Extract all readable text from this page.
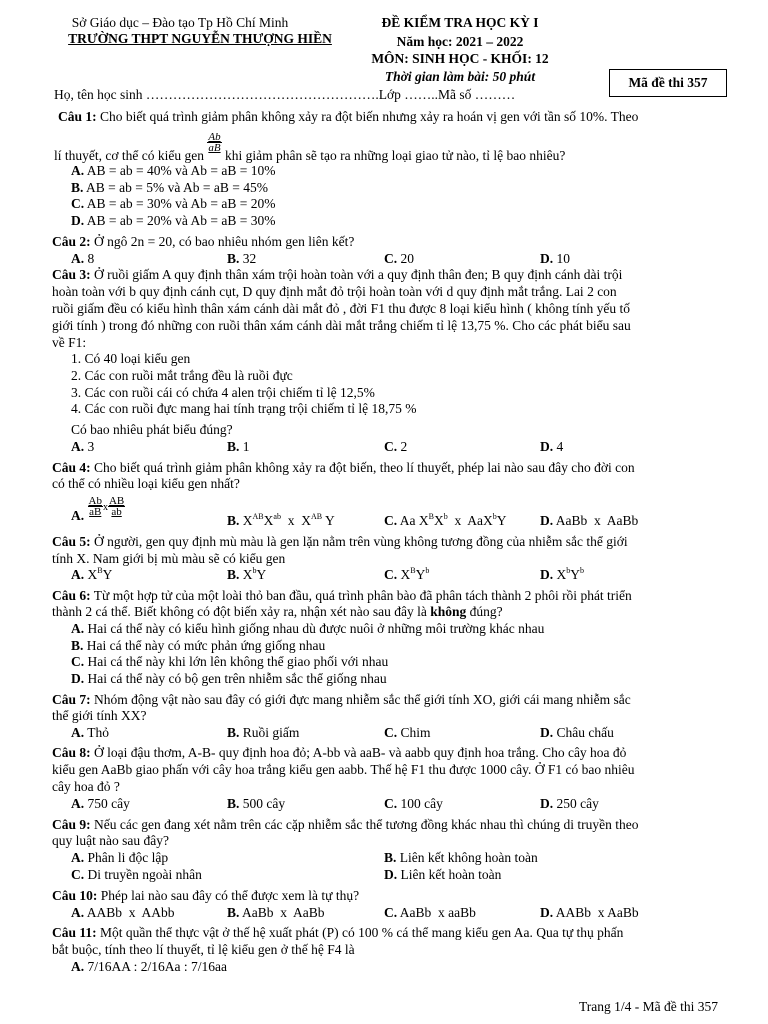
Sở Giáo dục – Đào tạo Tp Hồ Chí Minh
TRƯỜNG THPT NGUYỄN THƯỢNG HIỀN
ĐỀ KIỂM TRA HỌC KỲ I
Năm học: 2021 – 2022
MÔN: SINH HỌC - KHỐI: 12
Thời gian làm bài: 50 phút	Mã đề thi 357
Họ, tên học sinh …………………………………………….Lớp ……..Mã số ………
Câu 1: Cho biết quá trình giảm phân không xảy ra đột biến nhưng xảy ra hoán vị gen với tần số 10%. Theo
lí thuyết, cơ thể có kiểu gen
$\frac{Ab}{aB}$
khi giảm phân sẽ tạo ra những loại giao tử nào, tỉ lệ bao nhiêu?
A. AB = ab = 40% và Ab = aB = 10%
B. AB = ab = 5% và Ab = aB = 45%
C. AB = ab = 30% và Ab = aB = 20%
D. AB = ab = 20% và Ab = aB = 30%
Câu 2: Ở ngô 2n = 20, có bao nhiêu nhóm gen liên kết?
A. 8	B. 32	C. 20	D. 10
Câu 3: Ở ruồi giấm A quy định thân xám trội hoàn toàn với a quy định thân đen; B quy định cánh dài trội
hoàn toàn với b quy định cánh cụt, D quy định mắt đỏ trội hoàn toàn với d quy định mắt trắng. Lai 2 con
ruồi giấm đều có kiểu hình thân xám cánh dài mắt đỏ , đời F1 thu được 8 loại kiểu hình ( không tính yếu tố
giới tính ) trong đó những con ruồi thân xám cánh dài mắt trắng chiếm tỉ lệ 13,75 %. Cho các phát biểu sau
về F1:
1. Có 40 loại kiểu gen
2. Các con ruồi mắt trắng đều là ruồi đực
3. Các con ruồi cái có chứa 4 alen trội chiếm tỉ lệ 12,5%
4. Các con ruồi đực mang hai tính trạng trội chiếm tỉ lệ 18,75 %
Có bao nhiêu phát biểu đúng?
A. 3	B. 1	C. 2	D. 4
Câu 4: Cho biết quá trình giảm phân không xảy ra đột biến, theo lí thuyết, phép lai nào sau đây cho đời con
có thể có nhiều loại kiểu gen nhất?
A. $\frac{Ab}{aB}$ x $\frac{AB}{ab}$
B. $X^{AB}X^{ab}$  x  $X^{AB}$ Y	C. Aa $X^BX^b$  x  AaX$^b$Y D. AaBb  x  AaBb
Câu 5: Ở người, gen quy định mù màu là gen lặn nằm trên vùng không tương đồng của nhiễm sắc thể giới
tính X. Nam giới bị mù màu sẽ có kiểu gen
A. $X^BY$	B. $X^bY$	C. $X^BY^b$	D. $X^bY^b$
Câu 6: Từ một hợp tử của một loài thỏ ban đầu, quá trình phân bào đã phân tách thành 2 phôi rồi phát triển
thành 2 cá thể. Biết không có đột biến xảy ra, nhận xét nào sau đây là không đúng?
A. Hai cá thể này có kiểu hình giống nhau dù được nuôi ở những môi trường khác nhau
B. Hai cá thể này có mức phản ứng giống nhau
C. Hai cá thể này khi lớn lên không thể giao phối với nhau
D. Hai cá thể này có bộ gen trên nhiễm sắc thể giống nhau
Câu 7: Nhóm động vật nào sau đây có giới đực mang nhiễm sắc thể giới tính XO, giới cái mang nhiễm sắc
thể giới tính XX?
A. Thỏ	B. Ruồi giấm	C. Chim	D. Châu chấu
Câu 8: Ở loại đậu thơm, A-B- quy định hoa đỏ; A-bb và aaB- và aabb quy định hoa trắng. Cho cây hoa đỏ
kiểu gen AaBb giao phấn với cây hoa trắng kiểu gen aabb. Thế hệ F1 thu được 1000 cây. Ở F1 có bao nhiêu
cây hoa đỏ ?
A. 750 cây	B. 500 cây	C. 100 cây	D. 250 cây
Câu 9: Nếu các gen đang xét nằm trên các cặp nhiễm sắc thể tương đồng khác nhau thì chúng di truyền theo
quy luật nào sau đây?
A. Phân li độc lập	B. Liên kết không hoàn toàn
C. Di truyền ngoài nhân	D. Liên kết hoàn toàn
Câu 10: Phép lai nào sau đây có thể được xem là tự thụ?
A. AABb  x  AAbb	B. AaBb  x  AaBb	C. AaBb  x aaBb	D. AABb  x AaBb
Câu 11: Một quần thể thực vật ở thế hệ xuất phát (P) có 100 % cá thể mang kiểu gen Aa. Qua tự thụ phấn
bắt buộc, tính theo lí thuyết, tỉ lệ kiểu gen ở thế hệ F4 là
A. 7/16AA : 2/16Aa : 7/16aa
Trang 1/4 - Mã đề thi 357
